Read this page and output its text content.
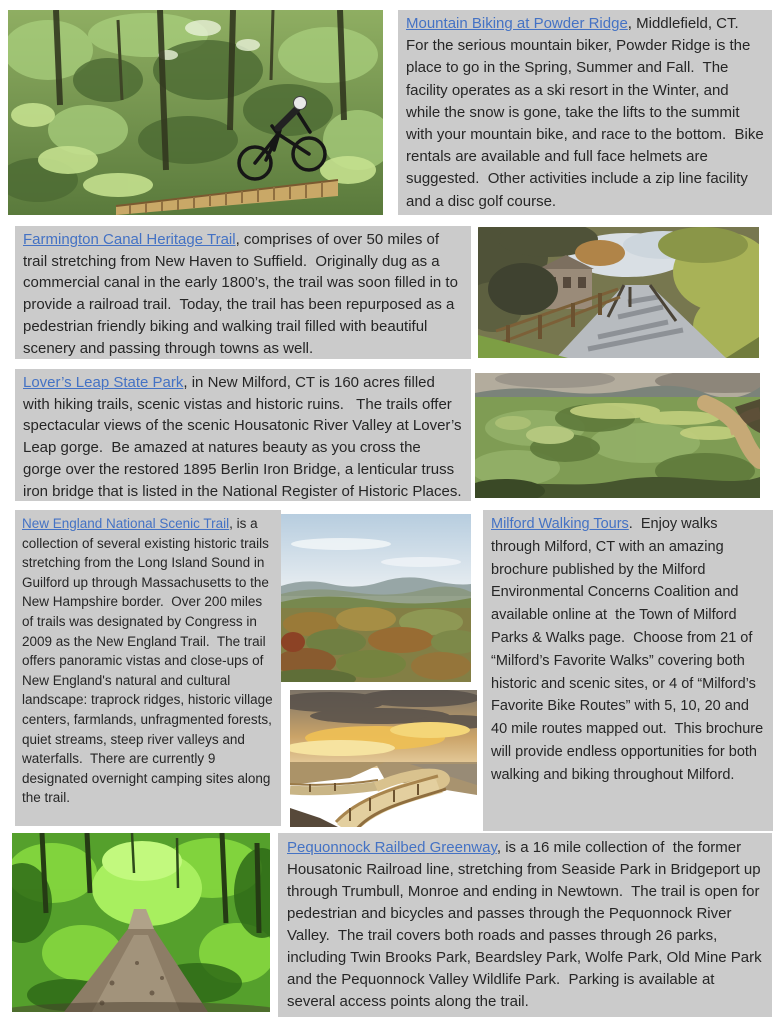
Mountain Biking at Powder Ridge, Middlefield, CT.  For the serious mountain biker, Powder Ridge is the place to go in the Spring, Summer and Fall.  The facility operates as a ski resort in the Winter, and while the snow is gone, take the lifts to the summit with your mountain bike, and race to the bottom.  Bike rentals are available and full face helmets are suggested.  Other activities include a zip line facility and a disc golf course.
Farmington Canal Heritage Trail, comprises of over 50 miles of trail stretching from New Haven to Suffield.  Originally dug as a commercial canal in the early 1800’s, the trail was soon filled in to provide a railroad trail.  Today, the trail has been repurposed as a pedestrian friendly biking and walking trail filled with beautiful scenery and passing through towns as well.
Lover’s Leap State Park, in New Milford, CT is 160 acres filled with hiking trails, scenic vistas and historic ruins.   The trails offer spectacular views of the scenic Housatonic River Valley at Lover’s Leap gorge.  Be amazed at natures beauty as you cross the gorge over the restored 1895 Berlin Iron Bridge, a lenticular truss iron bridge that is listed in the National Register of Historic Places.
New England National Scenic Trail, is a collection of several existing historic trails stretching from the Long Island Sound in Guilford up through Massachusetts to the New Hampshire border.  Over 200 miles of trails was designated by Congress in 2009 as the New England Trail.  The trail offers panoramic vistas and close-ups of New England's natural and cultural landscape: traprock ridges, historic village centers, farmlands, unfragmented forests, quiet streams, steep river valleys and waterfalls.  There are currently 9 designated overnight camping sites along the trail.
Milford Walking Tours.  Enjoy walks through Milford, CT with an amazing brochure published by the Milford Environmental Concerns Coalition and available online at  the Town of Milford Parks & Walks page.  Choose from 21 of “Milford’s Favorite Walks” covering both historic and scenic sites, or 4 of “Milford’s Favorite Bike Routes” with 5, 10, 20 and 40 mile routes mapped out.  This brochure will provide endless opportunities for both walking and biking throughout Milford.
Pequonnock Railbed Greenway, is a 16 mile collection of  the former Housatonic Railroad line, stretching from Seaside Park in Bridgeport up through Trumbull, Monroe and ending in Newtown.  The trail is open for pedestrian and bicycles and passes through the Pequonnock River Valley.  The trail covers both roads and passes through 26 parks, including Twin Brooks Park, Beardsley Park, Wolfe Park, Old Mine Park and the Pequonnock Valley Wildlife Park.  Parking is available at several access points along the trail.
